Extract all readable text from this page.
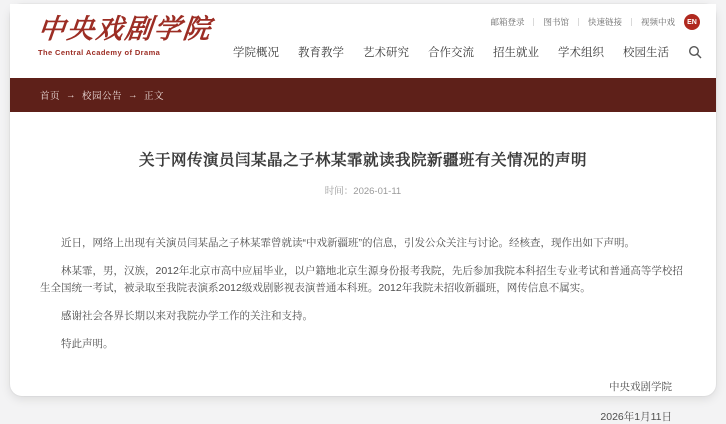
中央戏剧学院
The Central Academy of Drama
邮箱登录 图书馆 快速链接 视频中戏	EN
学院概况 教育教学 艺术研究 合作交流 招生就业 学术组织 校园生活
首页 → 校园公告 → 正文
关于网传演员闫某晶之子林某霏就读我院新疆班有关情况的声明
时间：2026-01-11

近日，网络上出现有关演员闫某晶之子林某霏曾就读“中戏新疆班”的信息，引发公众关注与讨论。经核查，现作出如下声明。

林某霏，男，汉族，2012年北京市高中应届毕业，以户籍地北京生源身份报考我院，先后参加我院本科招生专业考试和普通高等学校招生全国统一考试，被录取至我院表演系2012级戏剧影视表演普通本科班。2012年我院未招收新疆班，网传信息不属实。

感谢社会各界长期以来对我院办学工作的关注和支持。

特此声明。

中央戏剧学院
2026年1月11日
